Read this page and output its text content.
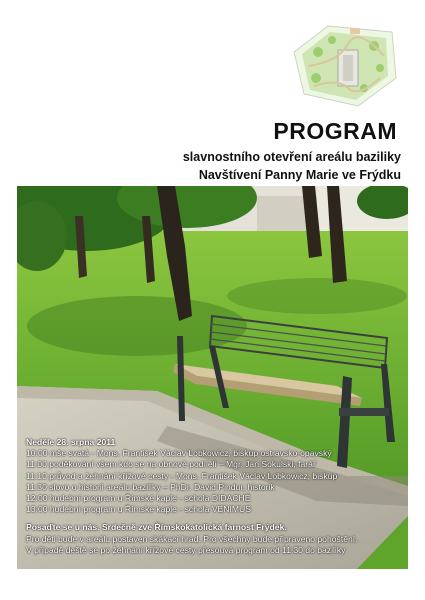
PROGRAM
slavnostního otevření areálu baziliky
Navštívení Panny Marie ve Frýdku
Neděle 28. srpna 2011
10:00 mše svatá - Mons. František Václav Lobkowicz, biskup ostravsko-opavský
11:00 poděkování všem kdo se na obnově podíleli – Mgr. Jan Sokulski, farář
11:10 průvod a žehnání křížové cesty - Mons. František Václav Lobkowicz, biskup
11:30 slovo o historii areálu baziliky – PhDr. David Pindur, historik
12:00 hudební program u Římské kaple - schola DIDACHÉ
13:00 hudební program u Římské kaple - schola VENIMUS
Posaďte se u nás. Srdečně zve Římskokatolická farnost Frýdek.
Pro děti bude v areálu postaven skákací hrad. Pro všechny bude připraveno pohoštění.
V případě deště se po žehnání křížové cesty přesouvá program od 11:30 do baziliky
